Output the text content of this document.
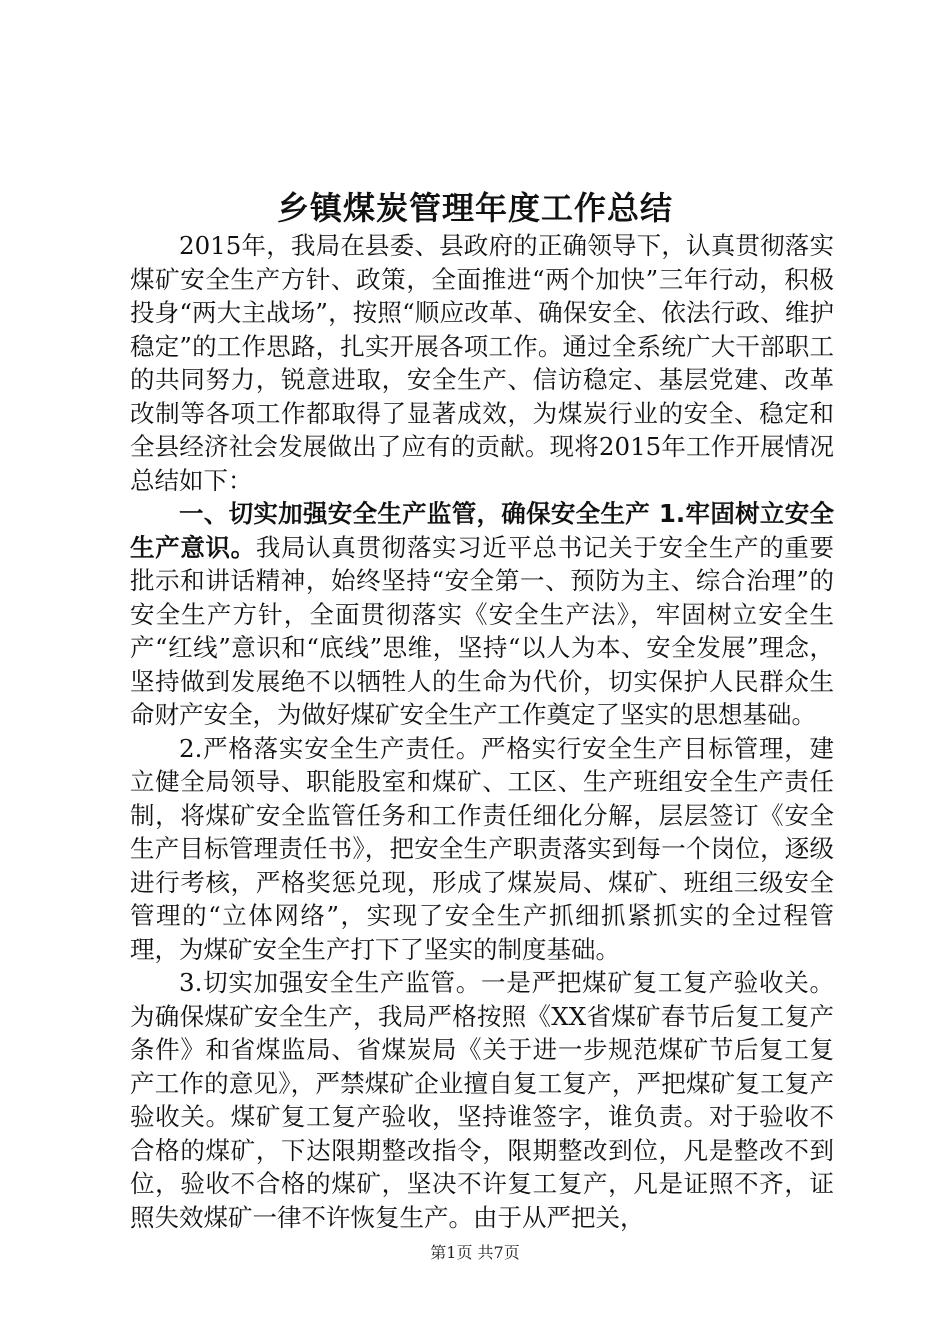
乡镇煤炭管理年度工作总结

2015年，我局在县委、县政府的正确领导下，认真贯彻落实煤矿安全生产方针、政策，全面推进“两个加快”三年行动，积极投身“两大主战场”，按照“顺应改革、确保安全、依法行政、维护稳定”的工作思路，扎实开展各项工作。通过全系统广大干部职工的共同努力，锐意进取，安全生产、信访稳定、基层党建、改革改制等各项工作都取得了显著成效，为煤炭行业的安全、稳定和全县经济社会发展做出了应有的贡献。现将2015年工作开展情况总结如下：

一、切实加强安全生产监管，确保安全生产 1.牢固树立安全生产意识。我局认真贯彻落实习近平总书记关于安全生产的重要批示和讲话精神，始终坚持“安全第一、预防为主、综合治理”的安全生产方针，全面贯彻落实《安全生产法》，牢固树立安全生产“红线”意识和“底线”思维，坚持“以人为本、安全发展”理念，坚持做到发展绝不以牺牲人的生命为代价，切实保护人民群众生命财产安全，为做好煤矿安全生产工作奠定了坚实的思想基础。

2.严格落实安全生产责任。严格实行安全生产目标管理，建立健全局领导、职能股室和煤矿、工区、生产班组安全生产责任制，将煤矿安全监管任务和工作责任细化分解，层层签订《安全生产目标管理责任书》，把安全生产职责落实到每一个岗位，逐级进行考核，严格奖惩兑现，形成了煤炭局、煤矿、班组三级安全管理的“立体网络”，实现了安全生产抓细抓紧抓实的全过程管理，为煤矿安全生产打下了坚实的制度基础。

3.切实加强安全生产监管。一是严把煤矿复工复产验收关。为确保煤矿安全生产，我局严格按照《XX省煤矿春节后复工复产条件》和省煤监局、省煤炭局《关于进一步规范煤矿节后复工复产工作的意见》，严禁煤矿企业擅自复工复产，严把煤矿复工复产验收关。煤矿复工复产验收，坚持谁签字，谁负责。对于验收不合格的煤矿，下达限期整改指令，限期整改到位，凡是整改不到位，验收不合格的煤矿，坚决不许复工复产，凡是证照不齐，证照失效煤矿一律不许恢复生产。由于从严把关，

第1页 共7页
